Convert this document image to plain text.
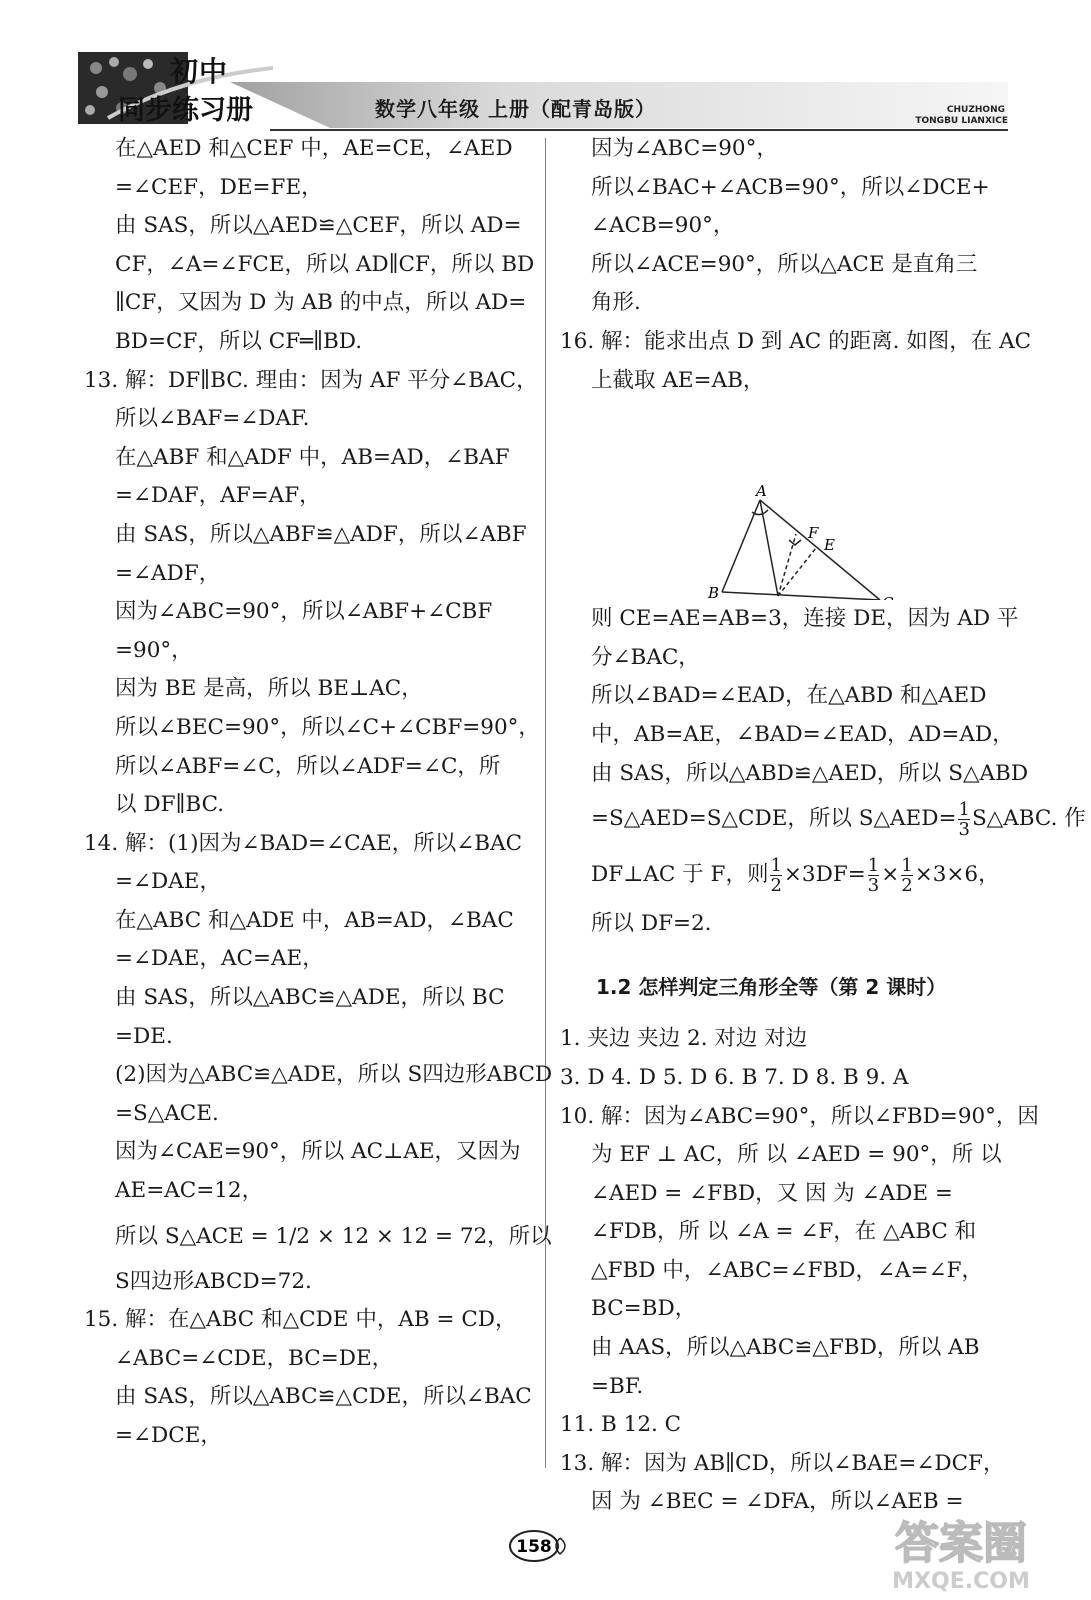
初中
同步练习册	数学八年级 上册（配青岛版）	CHUZHONG
TONGBU LIANXICE
在△AED 和△CEF 中，AE=CE，∠AED
=∠CEF，DE=FE，
由 SAS，所以△AED≌△CEF，所以 AD=
CF，∠A=∠FCE，所以 AD∥CF，所以 BD
∥CF，又因为 D 为 AB 的中点，所以 AD=
BD=CF，所以 CF═∥BD.
13. 解：DF∥BC. 理由：因为 AF 平分∠BAC，
所以∠BAF=∠DAF.
在△ABF 和△ADF 中，AB=AD，∠BAF
=∠DAF，AF=AF，
由 SAS，所以△ABF≌△ADF，所以∠ABF
=∠ADF，
因为∠ABC=90°，所以∠ABF+∠CBF
=90°，
因为 BE 是高，所以 BE⊥AC，
所以∠BEC=90°，所以∠C+∠CBF=90°，
所以∠ABF=∠C，所以∠ADF=∠C，所
以 DF∥BC.
14. 解：(1)因为∠BAD=∠CAE，所以∠BAC
=∠DAE，
在△ABC 和△ADE 中，AB=AD，∠BAC
=∠DAE，AC=AE，
由 SAS，所以△ABC≌△ADE，所以 BC
=DE.
(2)因为△ABC≌△ADE，所以 S四边形ABCD
=S△ACE.
因为∠CAE=90°，所以 AC⊥AE，又因为
AE=AC=12，
所以 S△ACE = 1/2 × 12 × 12 = 72，所以
S四边形ABCD=72.
15. 解：在△ABC 和△CDE 中，AB = CD，
∠ABC=∠CDE，BC=DE，
由 SAS，所以△ABC≌△CDE，所以∠BAC
=∠DCE，
因为∠ABC=90°，
所以∠BAC+∠ACB=90°，所以∠DCE+
∠ACB=90°，
所以∠ACE=90°，所以△ACE 是直角三
角形.
16. 解：能求出点 D 到 AC 的距离. 如图，在 AC
上截取 AE=AB，
A
B
E
F
则 CE=AE=AB=3，连接 DE，因为 AD 平
分∠BAC，
所以∠BAD=∠EAD，在△ABD 和△AED
中，AB=AE，∠BAD=∠EAD，AD=AD，
由 SAS，所以△ABD≌△AED，所以 S△ABD
=S△AED=S△CDE，所以 S△AED= $\frac{1}{3}$ S△ABC. 作
DF⊥AC 于 F，则 $\frac{1}{2} \times 3DF= \frac{1}{3} \times \frac{1}{2} \times 3\times 6$，
所以 DF=2.
1.2 怎样判定三角形全等（第 2 课时）
1. 夹边 夹边 2. 对边 对边
3. D 4. D 5. D 6. B 7. D 8. B 9. A
10. 解：因为∠ABC=90°，所以∠FBD=90°，因
为 EF ⊥ AC，所 以 ∠AED = 90°，所 以
∠AED = ∠FBD，又 因 为 ∠ADE =
∠FDB，所 以 ∠A = ∠F，在 △ABC 和
△FBD 中，∠ABC=∠FBD，∠A=∠F，
BC=BD，
由 AAS，所以△ABC≌△FBD，所以 AB
=BF.
11. B 12. C
13. 解：因为 AB∥CD，所以∠BAE=∠DCF，
因 为 ∠BEC = ∠DFA，所以∠AEB =
158	答案圈
MXQE.COM
